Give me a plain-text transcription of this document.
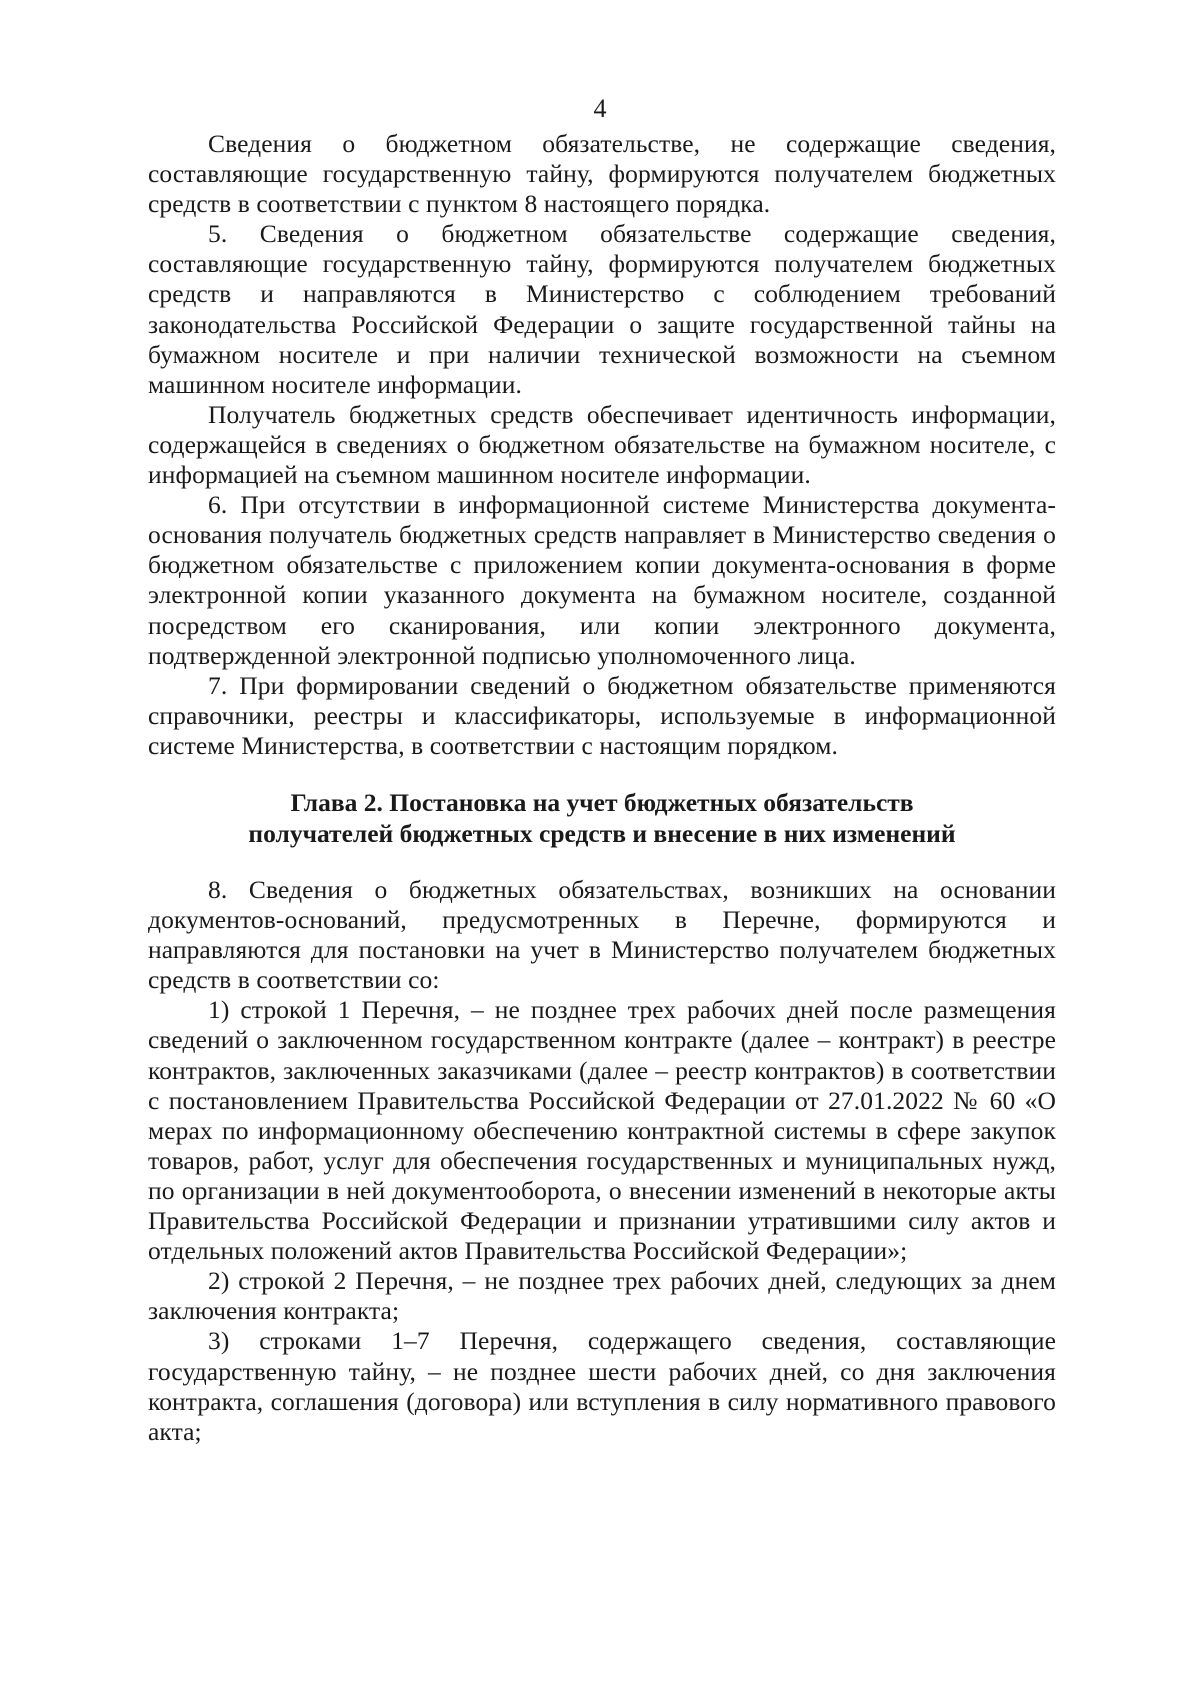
4

Сведения о бюджетном обязательстве, не содержащие сведения, составляющие государственную тайну, формируются получателем бюджетных средств в соответствии с пунктом 8 настоящего порядка.

5. Сведения о бюджетном обязательстве содержащие сведения, составляющие государственную тайну, формируются получателем бюджетных средств и направляются в Министерство с соблюдением требований законодательства Российской Федерации о защите государственной тайны на бумажном носителе и при наличии технической возможности на съемном машинном носителе информации.

Получатель бюджетных средств обеспечивает идентичность информации, содержащейся в сведениях о бюджетном обязательстве на бумажном носителе, с информацией на съемном машинном носителе информации.

6. При отсутствии в информационной системе Министерства документа-основания получатель бюджетных средств направляет в Министерство сведения о бюджетном обязательстве с приложением копии документа-основания в форме электронной копии указанного документа на бумажном носителе, созданной посредством его сканирования, или копии электронного документа, подтвержденной электронной подписью уполномоченного лица.

7. При формировании сведений о бюджетном обязательстве применяются справочники, реестры и классификаторы, используемые в информационной системе Министерства, в соответствии с настоящим порядком.

Глава 2. Постановка на учет бюджетных обязательств
получателей бюджетных средств и внесение в них изменений

8. Сведения о бюджетных обязательствах, возникших на основании документов-оснований, предусмотренных в Перечне, формируются и направляются для постановки на учет в Министерство получателем бюджетных средств в соответствии со:

1) строкой 1 Перечня, – не позднее трех рабочих дней после размещения сведений о заключенном государственном контракте (далее – контракт) в реестре контрактов, заключенных заказчиками (далее – реестр контрактов) в соответствии с постановлением Правительства Российской Федерации от 27.01.2022 № 60 «О мерах по информационному обеспечению контрактной системы в сфере закупок товаров, работ, услуг для обеспечения государственных и муниципальных нужд, по организации в ней документооборота, о внесении изменений в некоторые акты Правительства Российской Федерации и признании утратившими силу актов и отдельных положений актов Правительства Российской Федерации»;

2) строкой 2 Перечня, – не позднее трех рабочих дней, следующих за днем заключения контракта;

3) строками 1–7 Перечня, содержащего сведения, составляющие государственную тайну, – не позднее шести рабочих дней, со дня заключения контракта, соглашения (договора) или вступления в силу нормативного правового акта;
